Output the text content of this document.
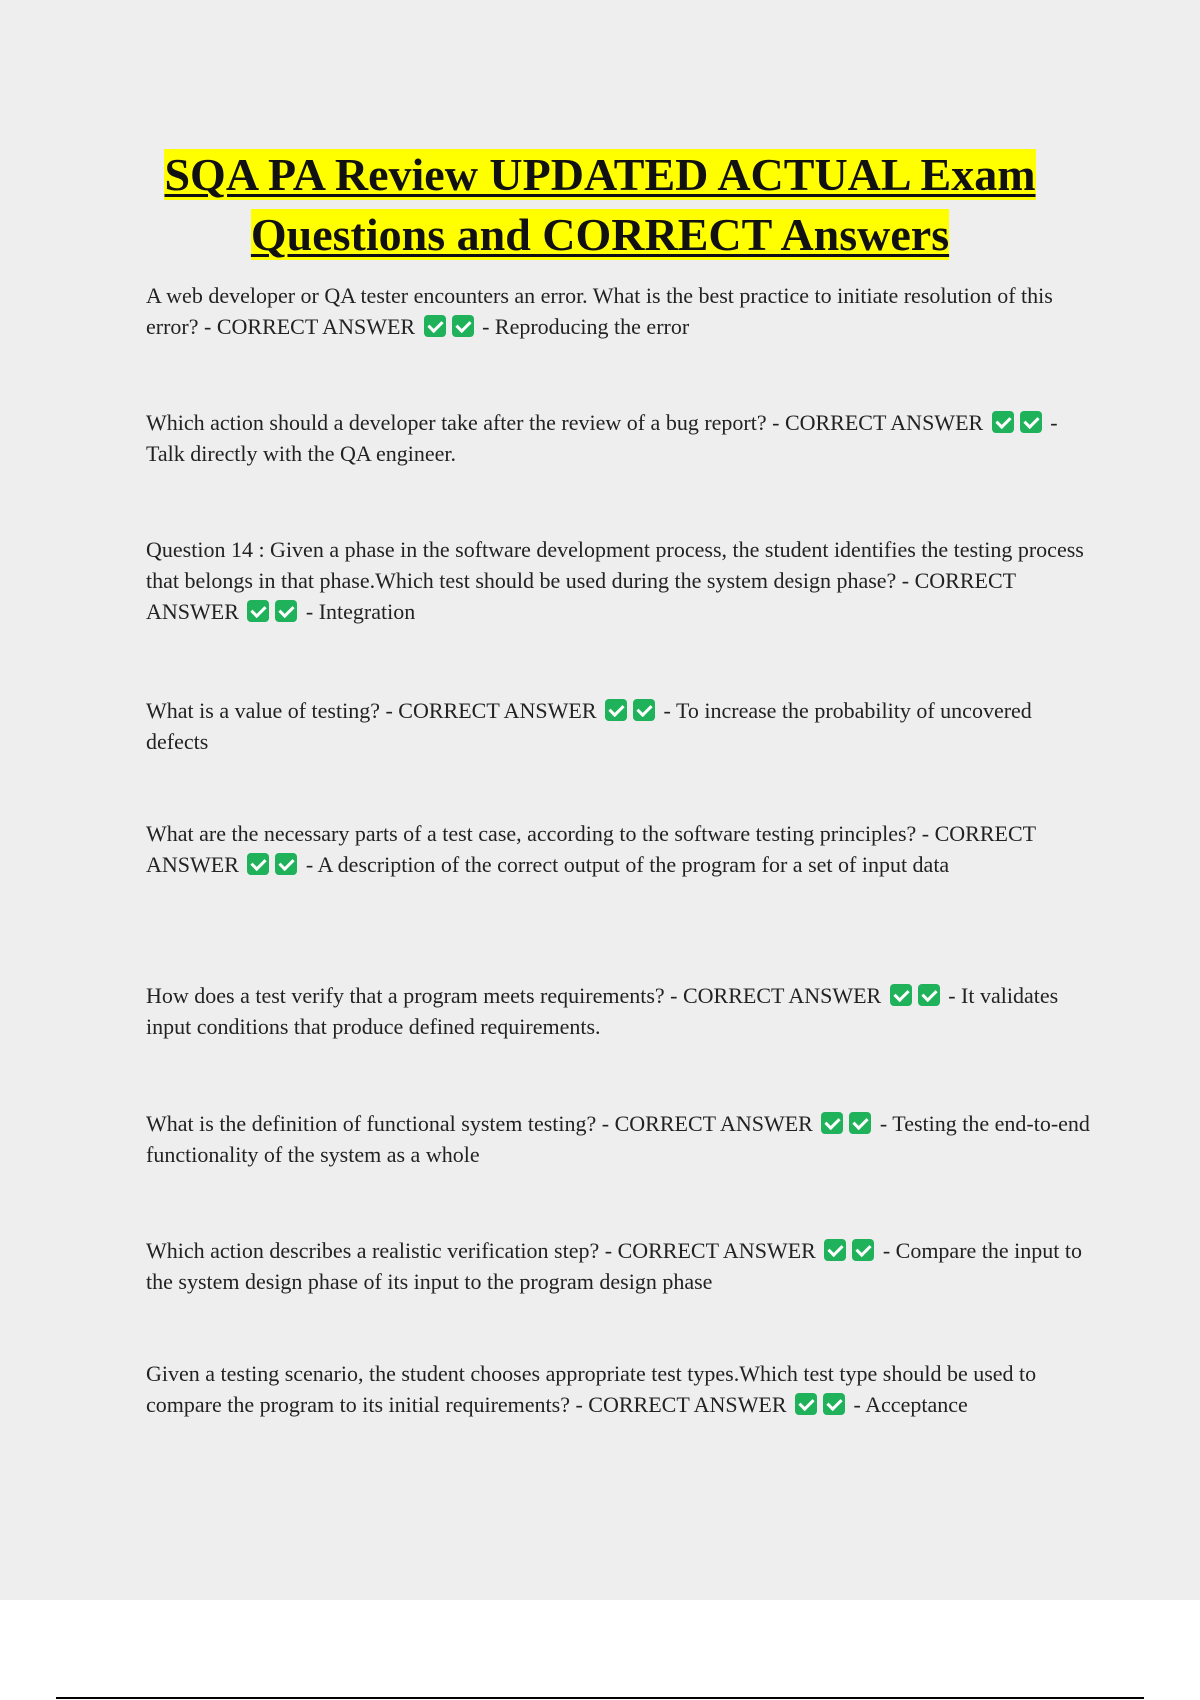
SQA PA Review UPDATED ACTUAL Exam
Questions and CORRECT Answers
A web developer or QA tester encounters an error. What is the best practice to initiate resolution of this error? - CORRECT ANSWER	- Reproducing the error
Which action should a developer take after the review of a bug report? - CORRECT ANSWER	- Talk directly with the QA engineer.
Question 14 : Given a phase in the software development process, the student identifies the testing process that belongs in that phase.Which test should be used during the system design phase? - CORRECT ANSWER	- Integration
What is a value of testing? - CORRECT ANSWER	- To increase the probability of uncovered defects
What are the necessary parts of a test case, according to the software testing principles? - CORRECT ANSWER	- A description of the correct output of the program for a set of input data
How does a test verify that a program meets requirements? - CORRECT ANSWER	- It validates input conditions that produce defined requirements.
What is the definition of functional system testing? - CORRECT ANSWER	- Testing the end-to-end functionality of the system as a whole
Which action describes a realistic verification step? - CORRECT ANSWER	- Compare the input to the system design phase of its input to the program design phase
Given a testing scenario, the student chooses appropriate test types.Which test type should be used to compare the program to its initial requirements? - CORRECT ANSWER	- Acceptance
